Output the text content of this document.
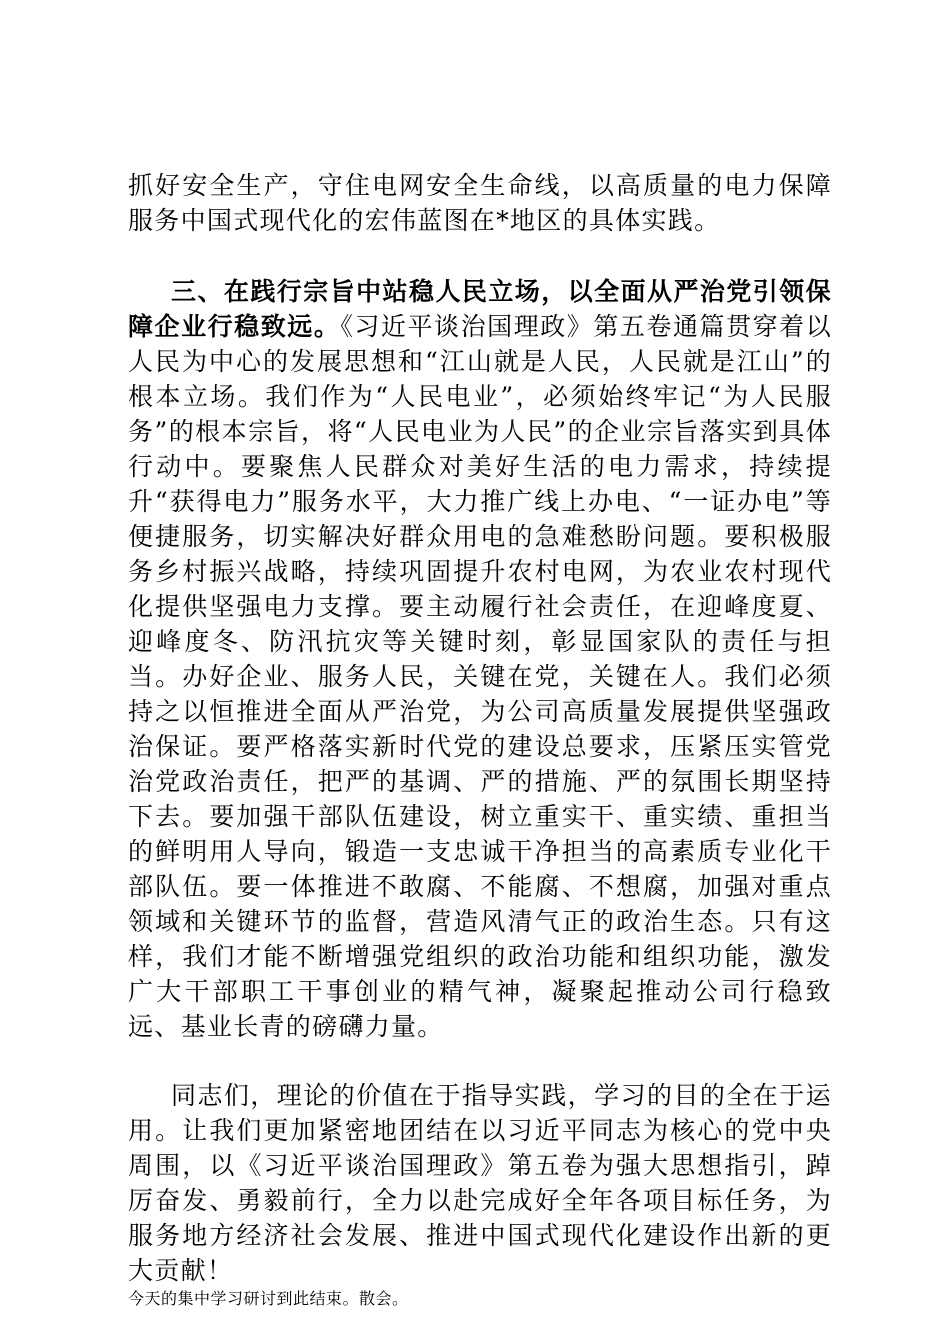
抓好安全生产，守住电网安全生命线，以高质量的电力保障服务中国式现代化的宏伟蓝图在*地区的具体实践。

三、在践行宗旨中站稳人民立场，以全面从严治党引领保障企业行稳致远。《习近平谈治国理政》第五卷通篇贯穿着以人民为中心的发展思想和“江山就是人民，人民就是江山”的根本立场。我们作为“人民电业”，必须始终牢记“为人民服务”的根本宗旨，将“人民电业为人民”的企业宗旨落实到具体行动中。要聚焦人民群众对美好生活的电力需求，持续提升“获得电力”服务水平，大力推广线上办电、“一证办电”等便捷服务，切实解决好群众用电的急难愁盼问题。要积极服务乡村振兴战略，持续巩固提升农村电网，为农业农村现代化提供坚强电力支撑。要主动履行社会责任，在迎峰度夏、迎峰度冬、防汛抗灾等关键时刻，彰显国家队的责任与担当。办好企业、服务人民，关键在党，关键在人。我们必须持之以恒推进全面从严治党，为公司高质量发展提供坚强政治保证。要严格落实新时代党的建设总要求，压紧压实管党治党政治责任，把严的基调、严的措施、严的氛围长期坚持下去。要加强干部队伍建设，树立重实干、重实绩、重担当的鲜明用人导向，锻造一支忠诚干净担当的高素质专业化干部队伍。要一体推进不敢腐、不能腐、不想腐，加强对重点领域和关键环节的监督，营造风清气正的政治生态。只有这样，我们才能不断增强党组织的政治功能和组织功能，激发广大干部职工干事创业的精气神，凝聚起推动公司行稳致远、基业长青的磅礴力量。

同志们，理论的价值在于指导实践，学习的目的全在于运用。让我们更加紧密地团结在以习近平同志为核心的党中央周围，以《习近平谈治国理政》第五卷为强大思想指引，踔厉奋发、勇毅前行，全力以赴完成好全年各项目标任务，为服务地方经济社会发展、推进中国式现代化建设作出新的更大贡献！

今天的集中学习研讨到此结束。散会。
